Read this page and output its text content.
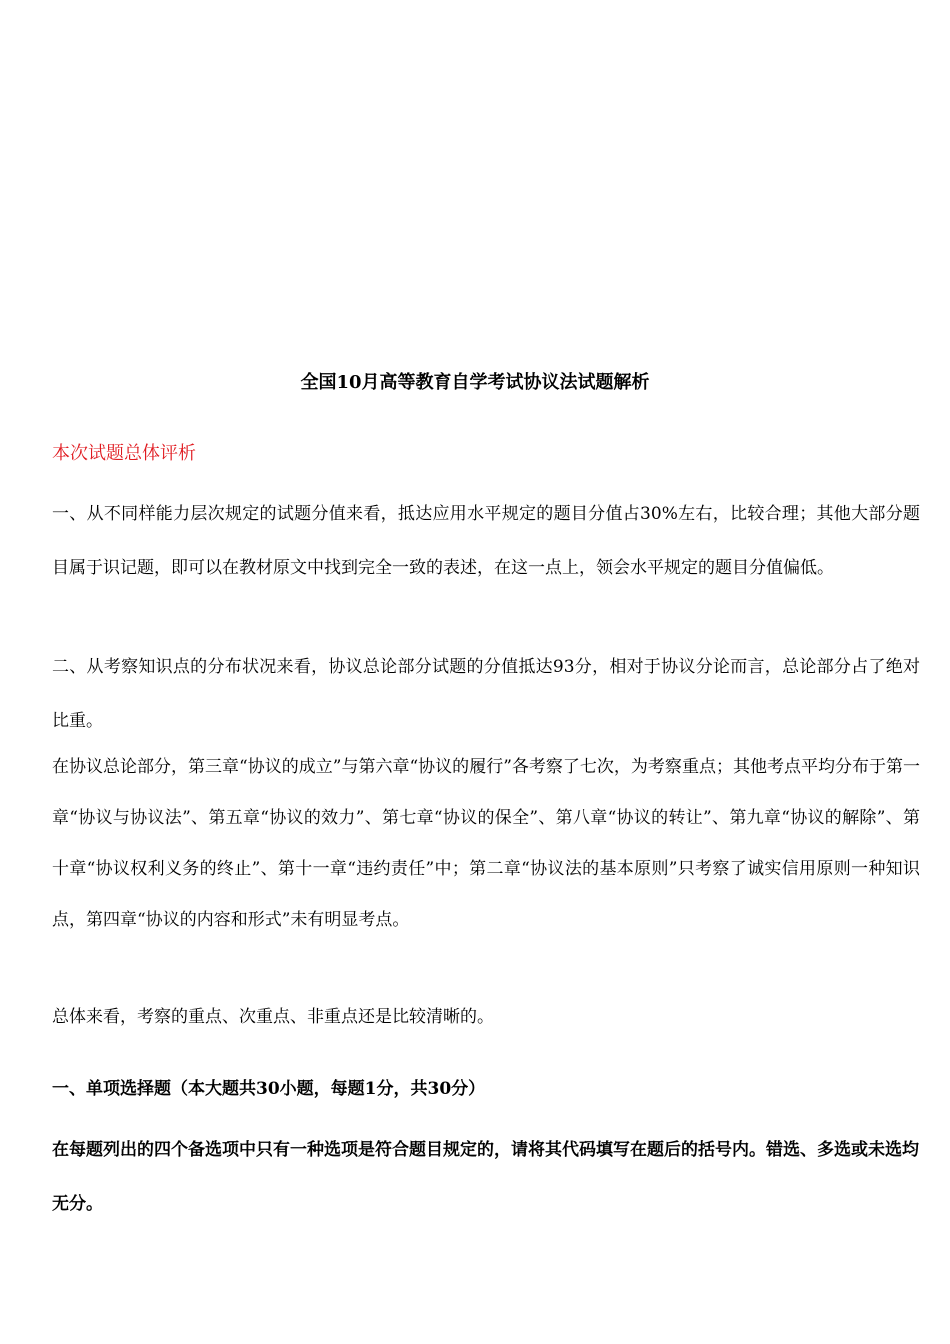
全国10月高等教育自学考试协议法试题解析
本次试题总体评析

一、从不同样能力层次规定的试题分值来看，抵达应用水平规定的题目分值占30%左右，比较合理；其他大部分题目属于识记题，即可以在教材原文中找到完全一致的表述，在这一点上，领会水平规定的题目分值偏低。

二、从考察知识点的分布状况来看，协议总论部分试题的分值抵达93分，相对于协议分论而言，总论部分占了绝对比重。

在协议总论部分，第三章“协议的成立”与第六章“协议的履行”各考察了七次，为考察重点；其他考点平均分布于第一章“协议与协议法”、第五章“协议的效力”、第七章“协议的保全”、第八章“协议的转让”、第九章“协议的解除”、第十章“协议权利义务的终止”、第十一章“违约责任”中；第二章“协议法的基本原则”只考察了诚实信用原则一种知识点，第四章“协议的内容和形式”未有明显考点。

总体来看，考察的重点、次重点、非重点还是比较清晰的。

一、单项选择题（本大题共30小题，每题1分，共30分）

在每题列出的四个备选项中只有一种选项是符合题目规定的，请将其代码填写在题后的括号内。错选、多选或未选均无分。
